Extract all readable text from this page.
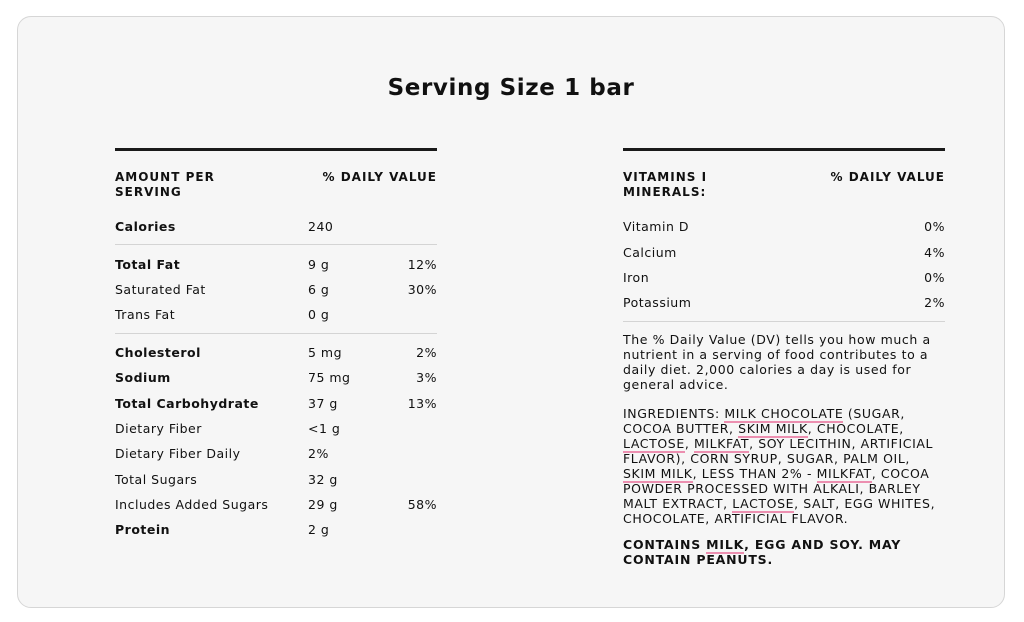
Serving Size 1 bar
AMOUNT PER SERVING
% DAILY VALUE
Calories	240
Total Fat	9 g	12%
Saturated Fat	6 g	30%
Trans Fat	0 g
Cholesterol	5 mg	2%
Sodium	75 mg	3%
Total Carbohydrate	37 g	13%
Dietary Fiber	<1 g
Dietary Fiber Daily	2%
Total Sugars	32 g
Includes Added Sugars	29 g	58%
Protein	2 g
VITAMINS I MINERALS:
% DAILY VALUE
Vitamin D	0%
Calcium	4%
Iron	0%
Potassium	2%
The % Daily Value (DV) tells you how much a nutrient in a serving of food contributes to a daily diet. 2,000 calories a day is used for general advice.
INGREDIENTS: MILK CHOCOLATE (SUGAR, COCOA BUTTER, SKIM MILK, CHOCOLATE, LACTOSE, MILKFAT, SOY LECITHIN, ARTIFICIAL FLAVOR), CORN SYRUP, SUGAR, PALM OIL, SKIM MILK, LESS THAN 2% - MILKFAT, COCOA POWDER PROCESSED WITH ALKALI, BARLEY MALT EXTRACT, LACTOSE, SALT, EGG WHITES, CHOCOLATE, ARTIFICIAL FLAVOR.
CONTAINS MILK, EGG AND SOY. MAY CONTAIN PEANUTS.
